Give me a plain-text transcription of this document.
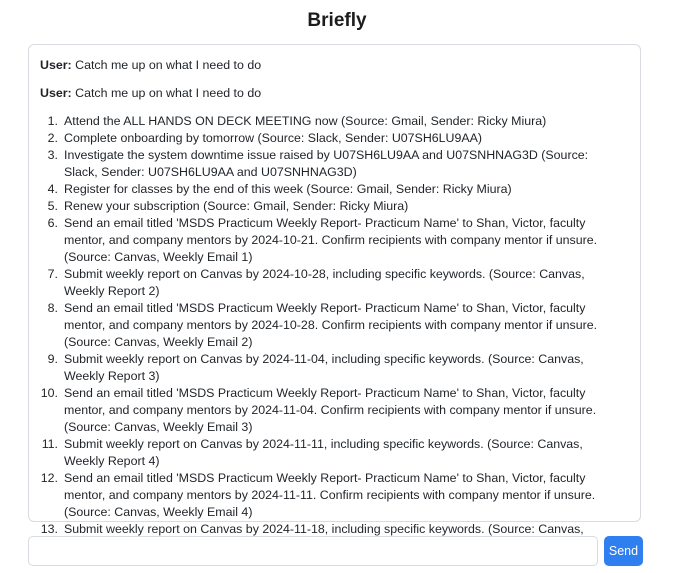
Briefly

User: Catch me up on what I need to do

User: Catch me up on what I need to do

1. Attend the ALL HANDS ON DECK MEETING now (Source: Gmail, Sender: Ricky Miura)
2. Complete onboarding by tomorrow (Source: Slack, Sender: U07SH6LU9AA)
3. Investigate the system downtime issue raised by U07SH6LU9AA and U07SNHNAG3D (Source: Slack, Sender: U07SH6LU9AA and U07SNHNAG3D)
4. Register for classes by the end of this week (Source: Gmail, Sender: Ricky Miura)
5. Renew your subscription (Source: Gmail, Sender: Ricky Miura)
6. Send an email titled 'MSDS Practicum Weekly Report- Practicum Name' to Shan, Victor, faculty mentor, and company mentors by 2024-10-21. Confirm recipients with company mentor if unsure. (Source: Canvas, Weekly Email 1)
7. Submit weekly report on Canvas by 2024-10-28, including specific keywords. (Source: Canvas, Weekly Report 2)
8. Send an email titled 'MSDS Practicum Weekly Report- Practicum Name' to Shan, Victor, faculty mentor, and company mentors by 2024-10-28. Confirm recipients with company mentor if unsure. (Source: Canvas, Weekly Email 2)
9. Submit weekly report on Canvas by 2024-11-04, including specific keywords. (Source: Canvas, Weekly Report 3)
10. Send an email titled 'MSDS Practicum Weekly Report- Practicum Name' to Shan, Victor, faculty mentor, and company mentors by 2024-11-04. Confirm recipients with company mentor if unsure. (Source: Canvas, Weekly Email 3)
11. Submit weekly report on Canvas by 2024-11-11, including specific keywords. (Source: Canvas, Weekly Report 4)
12. Send an email titled 'MSDS Practicum Weekly Report- Practicum Name' to Shan, Victor, faculty mentor, and company mentors by 2024-11-11. Confirm recipients with company mentor if unsure. (Source: Canvas, Weekly Email 4)
13. Submit weekly report on Canvas by 2024-11-18, including specific keywords. (Source: Canvas,
Send
